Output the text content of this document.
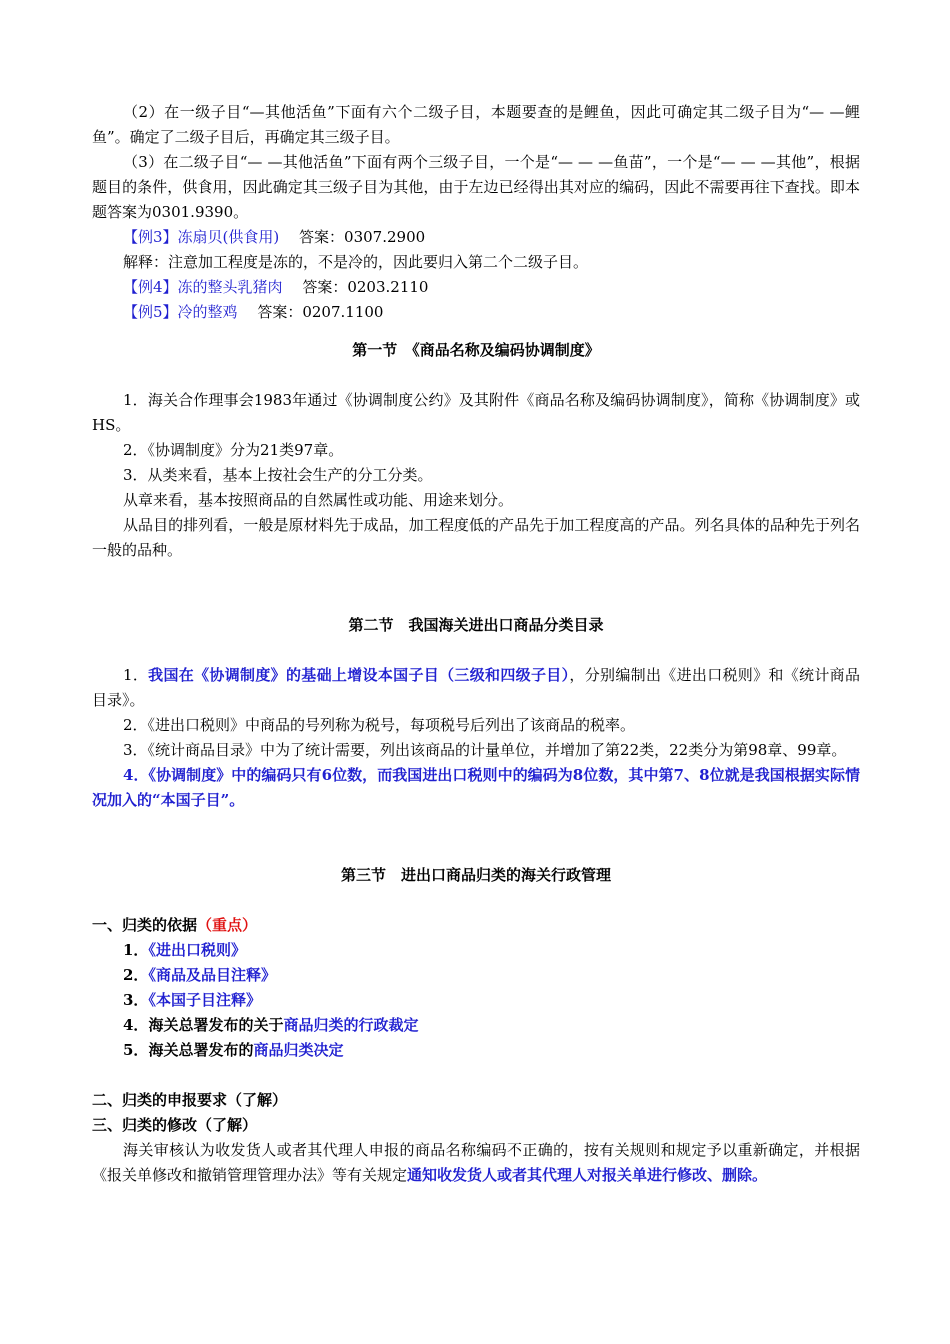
（2）在一级子目“—其他活鱼”下面有六个二级子目，本题要查的是鲤鱼，因此可确定其二级子目为“— —鲤鱼”。确定了二级子目后，再确定其三级子目。

（3）在二级子目“— —其他活鱼”下面有两个三级子目，一个是“— — —鱼苗”，一个是“— — —其他”，根据题目的条件，供食用，因此确定其三级子目为其他，由于左边已经得出其对应的编码，因此不需要再往下查找。即本题答案为0301.9390。

【例3】冻扇贝(供食用)　 答案：0307.2900

解释：注意加工程度是冻的，不是冷的，因此要归入第二个二级子目。

【例4】冻的整头乳猪肉　 答案：0203.2110

【例5】冷的整鸡　 答案：0207.1100

第一节　《商品名称及编码协调制度》

1．海关合作理事会1983年通过《协调制度公约》及其附件《商品名称及编码协调制度》，简称《协调制度》或HS。

2．《协调制度》分为21类97章。

3．从类来看，基本上按社会生产的分工分类。

从章来看，基本按照商品的自然属性或功能、用途来划分。

从品目的排列看，一般是原材料先于成品，加工程度低的产品先于加工程度高的产品。列名具体的品种先于列名一般的品种。

第二节　我国海关进出口商品分类目录

1．我国在《协调制度》的基础上增设本国子目（三级和四级子目），分别编制出《进出口税则》和《统计商品目录》。

2．《进出口税则》中商品的号列称为税号，每项税号后列出了该商品的税率。

3．《统计商品目录》中为了统计需要，列出该商品的计量单位，并增加了第22类，22类分为第98章、99章。

4．《协调制度》中的编码只有6位数，而我国进出口税则中的编码为8位数，其中第7、8位就是我国根据实际情况加入的“本国子目”。

第三节　进出口商品归类的海关行政管理

一、归类的依据（重点）

1．《进出口税则》

2．《商品及品目注释》

3．《本国子目注释》

4．海关总署发布的关于商品归类的行政裁定

5．海关总署发布的商品归类决定

二、归类的申报要求（了解）

三、归类的修改（了解）

海关审核认为收发货人或者其代理人申报的商品名称编码不正确的，按有关规则和规定予以重新确定，并根据《报关单修改和撤销管理管理办法》等有关规定通知收发货人或者其代理人对报关单进行修改、删除。
